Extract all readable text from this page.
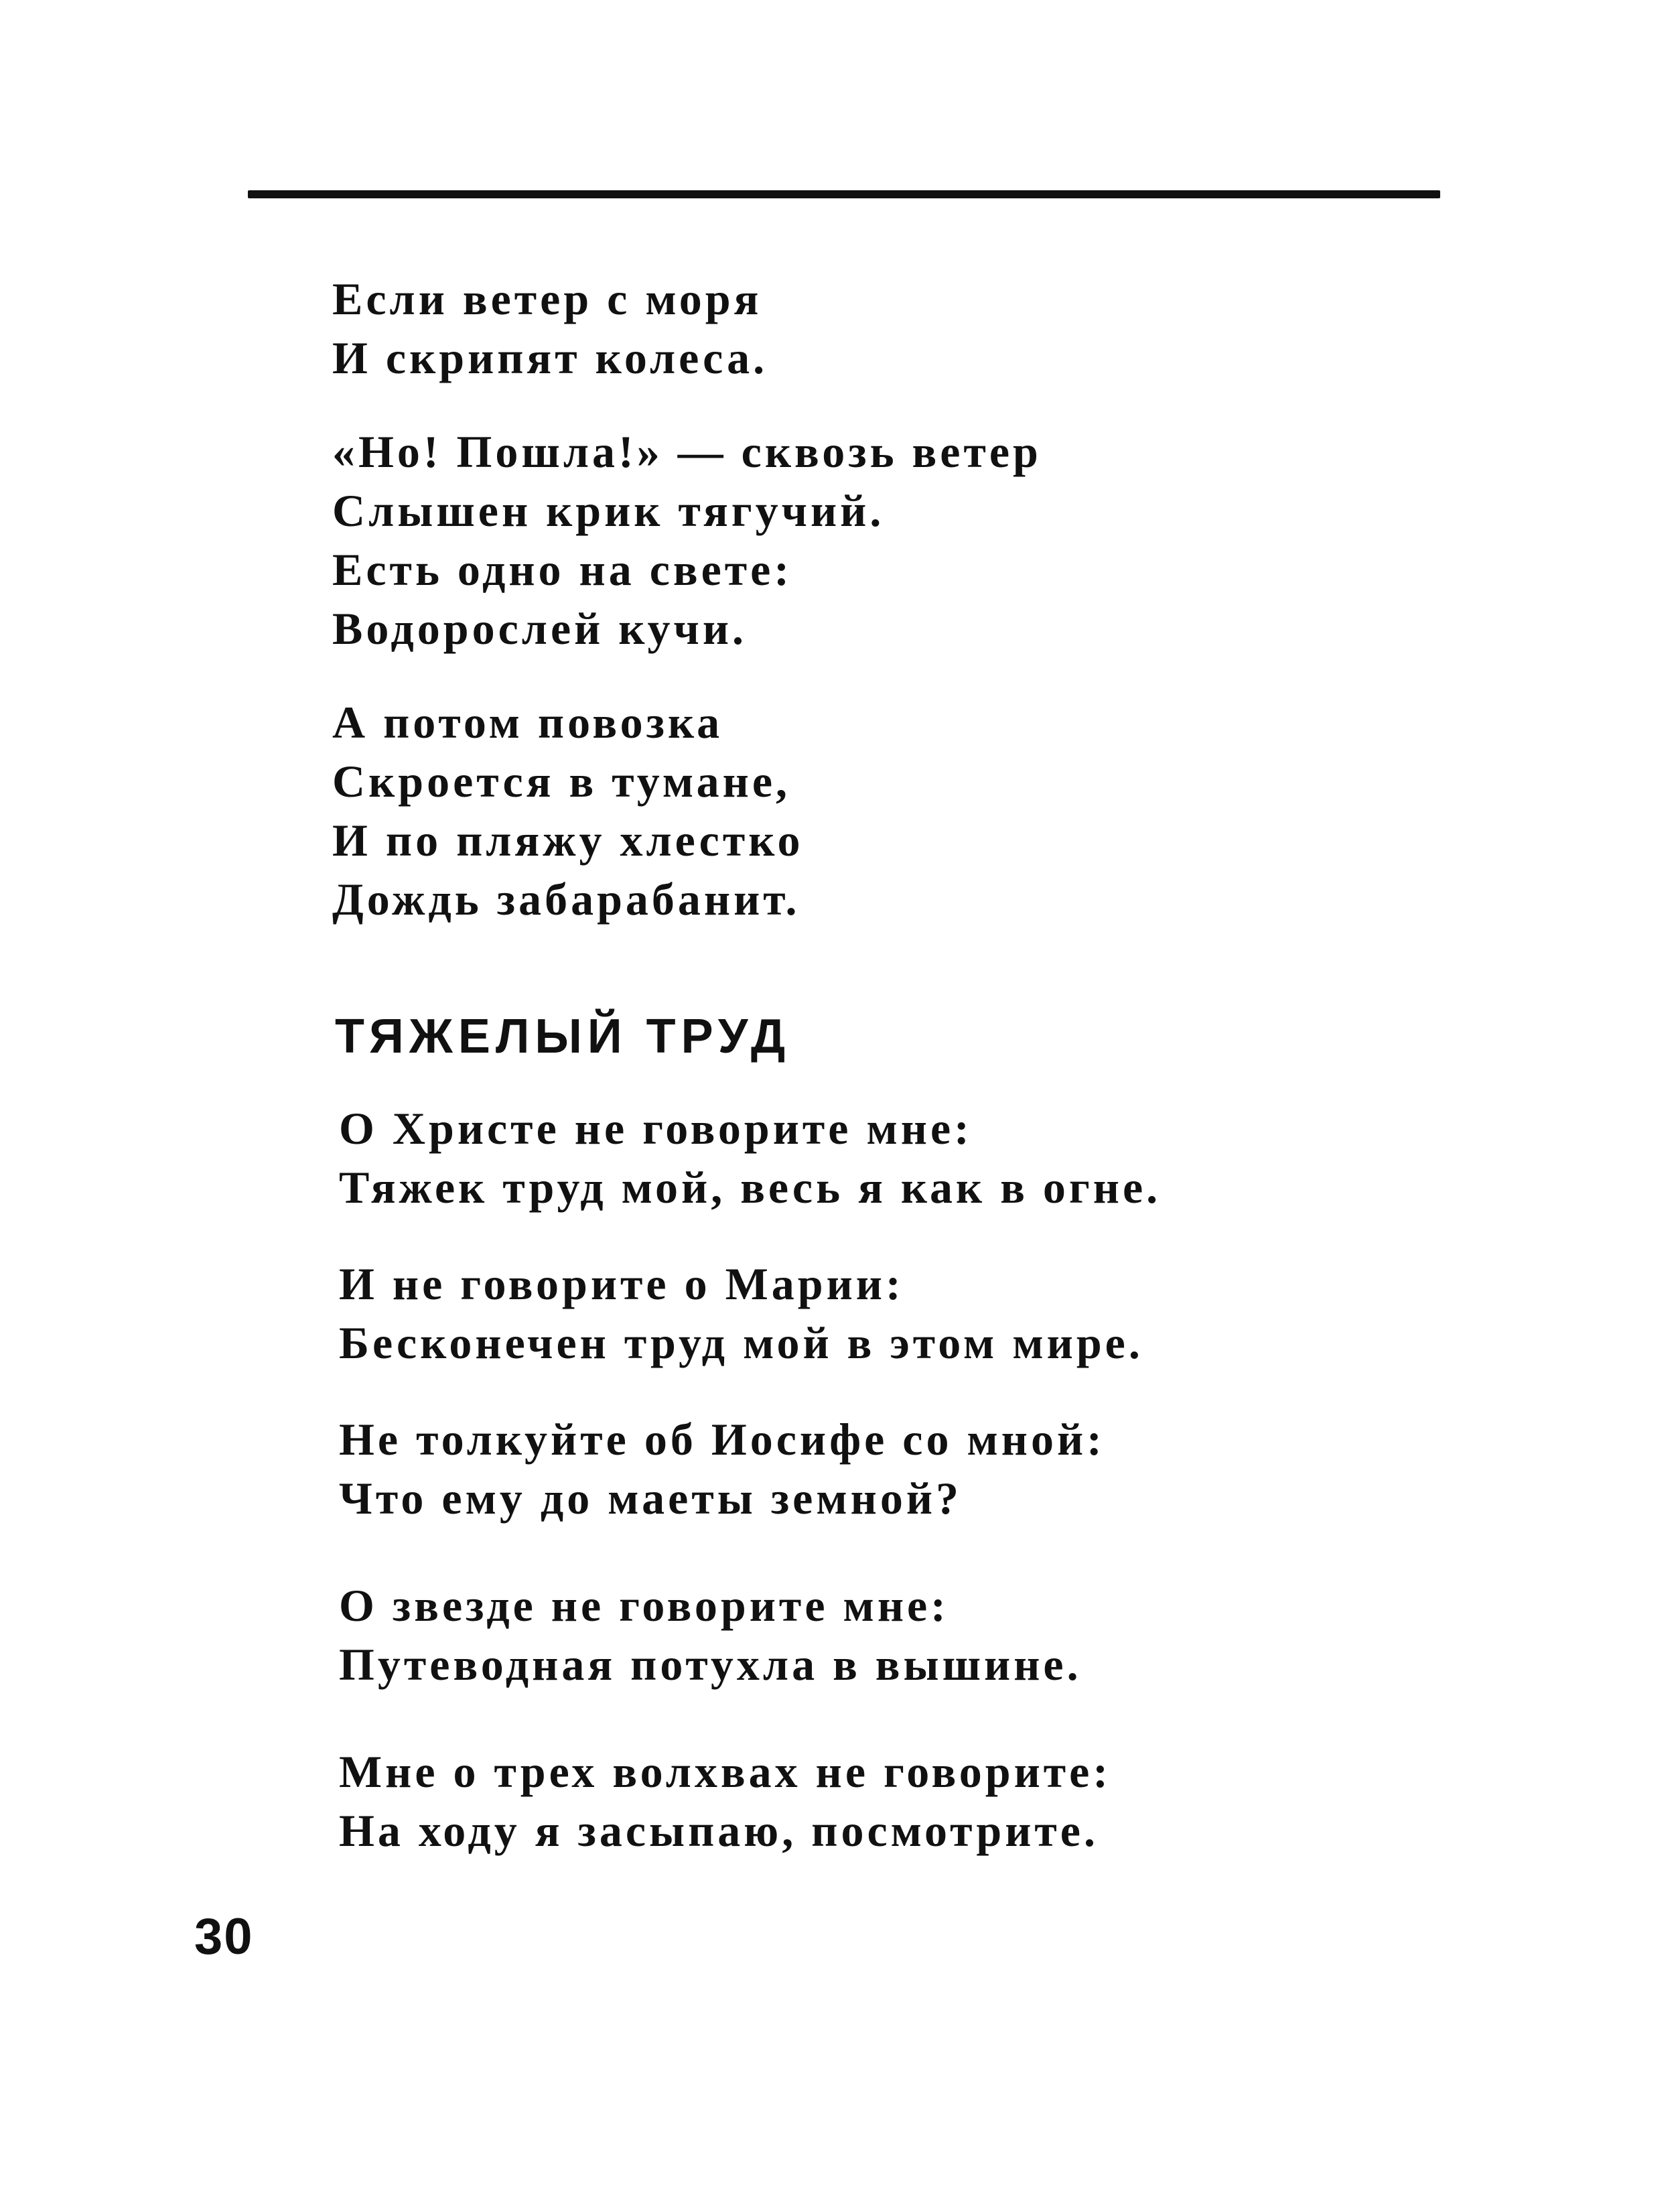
Если ветер с моря
И скрипят колеса.
«Но! Пошла!» — сквозь ветер
Слышен крик тягучий.
Есть одно на свете:
Водорослей кучи.
А потом повозка
Скроется в тумане,
И по пляжу хлестко
Дождь забарабанит.
ТЯЖЕЛЫЙ ТРУД
О Христе не говорите мне:
Тяжек труд мой, весь я как в огне.
И не говорите о Марии:
Бесконечен труд мой в этом мире.
Не толкуйте об Иосифе со мной:
Что ему до маеты земной?
О звезде не говорите мне:
Путеводная потухла в вышине.
Мне о трех волхвах не говорите:
На ходу я засыпаю, посмотрите.
30
